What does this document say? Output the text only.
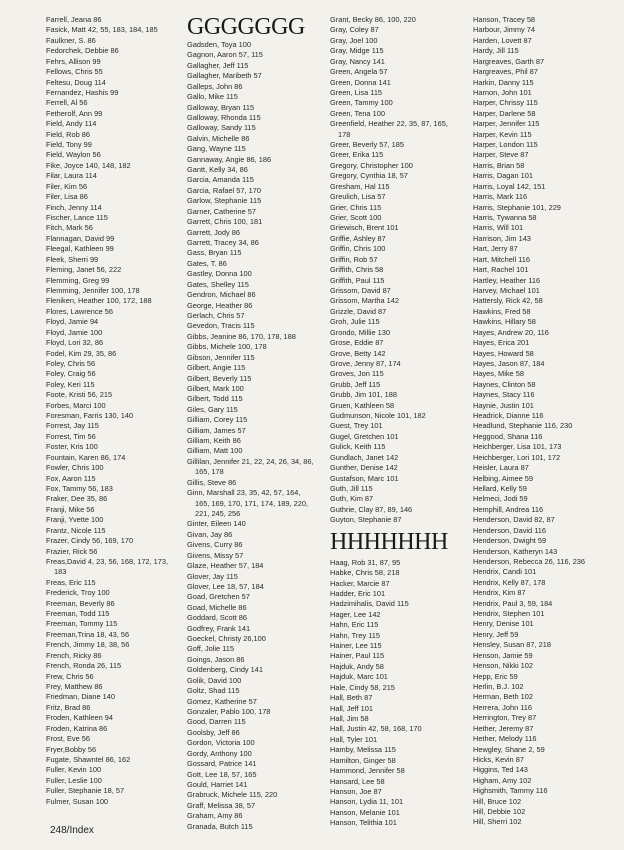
Farrell, Jeana 86
Fasick, Matt 42, 55, 183, 184, 185
Faulkner, S. 86
Fedorchek, Debbie 86
Fehrs, Allison 99
Fellows, Chris 55
Feltesu, Doug 114
Fernandez, Hashis 99
Ferrell, Al 56
Fetherolf, Ann 99
Field, Andy 114
Field, Rob 86
Field, Tony 99
Field, Waylon 56
Fike, Joyce 140, 148, 182
Filar, Laura 114
Filer, Kim 56
Filer, Lisa 86
Finch, Jenny 114
Fischer, Lance 115
Fitch, Mark 56
Flannagan, David 99
Fleegal, Kathleen 99
Fleek, Sherri 99
Fleming, Janet 56, 222
Flemming, Greg 99
Flemming, Jennifer 100, 178
Fleniken, Heather 100, 172, 188
Flores, Lawrence 56
Floyd, Jamie 94
Floyd, Jamie 100
Floyd, Lori 32, 86
Fodel, Kim 29, 35, 86
Foley, Chris 56
Foley, Craig 56
Foley, Keri 115
Foote, Kristi 56, 215
Forbes, Marci 100
Foresman, Farris 130, 140
Forrest, Jay 115
Forrest, Tim 56
Foster, Kris 100
Fountain, Karen 86, 174
Fowler, Chris 100
Fox, Aaron 115
Fox, Tammy 56, 183
Fraker, Dee 35, 86
Franji, Mike 56
Franji, Yvette 100
Frantz, Nicole 115
Frazer, Cindy 56, 169, 170
Frazier, Rick 56
Freas,David 4, 23, 56, 168, 172, 173,
183
Freas, Eric 115
Frederick, Troy 100
Freeman, Beverly 86
Freeman, Todd 115
Freeman, Tommy 115
Freeman,Trina 18, 43, 56
French, Jimmy 18, 38, 56
French, Ricky 86
French, Ronda 26, 115
Frew, Chris 56
Frey, Matthew 86
Friedman, Diane 140
Fritz, Brad 86
Froden, Kathleen 94
Froden, Katrina 86
Frost, Eve 56
Fryer,Bobby 56
Fugate, Shawntel 86, 162
Fuller, Kevin 100
Fuller, Leslie 100
Fuller, Stephanie 18, 57
Fulmer, Susan 100
GGGGGGG
Gadsden, Toya 100
Gagnon, Aaron 57, 115
Gallagher, Jeff 115
Gallagher, Maribeth 57
Galleps, John 86
Gallo, Mike 115
Galloway, Bryan 115
Galloway, Rhonda 115
Galloway, Sandy 115
Galvin, Michelle 86
Gang, Wayne 115
Gannaway, Angie 86, 186
Gantt, Kelly 34, 86
Garcia, Amanda 115
Garcia, Rafael 57, 170
Garlow, Stephanie 115
Garner, Catherine 57
Garrett, Chris 100, 181
Garrett, Jody 86
Garrett, Tracey 34, 86
Gass, Bryan 115
Gates, T. 86
Gastley, Donna 100
Gates, Shelley 115
Gendron, Michael 86
George, Heather 86
Gerlach, Chris 57
Gevedon, Tracis 115
Gibbs, Jeanine 86, 170, 178, 188
Gibbs, Michele 100, 178
Gibson, Jennifer 115
Gilbert, Angie 115
Gilbert, Beverly 115
Gilbert, Mark 100
Gilbert, Todd 115
Giles, Gary 115
Gilliam, Corey 115
Gilliam, James 57
Gilliam, Keith 86
Gilliam, Matt 100
Gillilan, Jennifer 21, 22, 24, 26, 34, 86,
165, 178
Gillis, Steve 86
Ginn, Marshall 23, 35, 42, 57, 164,
165, 169, 170, 171, 174, 189, 220,
221, 245, 256
Ginter, Eileen 140
Givan, Jay 86
Givens, Curry 86
Givens, Missy 57
Glaze, Heather 57, 184
Glover, Jay 115
Glover, Lee 18, 57, 184
Goad, Gretchen 57
Goad, Michelle 86
Goddard, Scott 86
Godfrey, Frank 141
Goeckel, Christy 26,100
Goff, Jolie 115
Goings, Jason 86
Goldenberg, Cindy 141
Golik, David 100
Goltz, Shad 115
Gomez, Katherine 57
Gonzaler, Pablo 100, 178
Good, Darren 115
Goolsby, Jeff 86
Gordon, Victoria 100
Gordy, Anthony 100
Gossard, Patrice 141
Gott, Lee 18, 57, 165
Gould, Harriet 141
Grabruck, Michele 115, 220
Graff, Melissa 38, 57
Graham, Amy 86
Granada, Butch 115
Grant, Becky 86, 100, 220
Gray, Coley 87
Gray, Joel 100
Gray, Midge 115
Gray, Nancy 141
Green, Angela 57
Green, Donna 141
Green, Lisa 115
Green, Tammy 100
Green, Tena 100
Greenfield, Heather 22, 35, 87, 165,
178
Greer, Beverly 57, 185
Greer, Erika 115
Gregory, Christopher 100
Gregory, Cynthia 18, 57
Gresham, Hal 115
Greulich, Lisa 57
Grier, Chris 115
Grier, Scott 100
Griewisch, Brent 101
Griffie, Ashley 87
Griffin, Chris 100
Griffin, Rob 57
Griffith, Chris 58
Griffith, Paul 115
Grissom, David 87
Grissom, Martha 142
Grizzle, David 87
Groh, Julie 115
Grondo, Millie 130
Grose, Eddie 87
Grove, Betty 142
Grove, Jenny 87, 174
Groves, Jon 115
Grubb, Jeff 115
Grubb, Jim 101, 188
Gruen, Kathleen 58
Gudmunson, Nicole 101, 182
Guest, Trey 101
Gugel, Gretchen 101
Gulick, Keith 115
Gundlach, Janet 142
Gunther, Denise 142
Gustafson, Marc 101
Guth, Jill 115
Guth, Kim 87
Guthrie, Clay 87, 89, 146
Guyton, Stephanie 87
HHHHHHH
Haag, Rob 31, 87, 95
Habke, Chris 58, 218
Hacker, Marcie 87
Hadder, Eric 101
Hadzimihalis, David 115
Hager, Lee 142
Hahn, Eric 115
Hahn, Trey 115
Hainer, Lee 115
Hainer, Paul 115
Hajduk, Andy 58
Hajduk, Marc 101
Hale, Cindy 58, 215
Hall, Beth 87
Hall, Jeff 101
Hall, Jim 58
Hall, Justin 42, 58, 168, 170
Hall, Tyler 101
Hamby, Melissa 115
Hamilton, Ginger 58
Hammond, Jennifer 58
Hansard, Lee 58
Hanson, Joe 87
Hanson, Lydia 11, 101
Hanson, Melanie 101
Hanson, Telithia 101
Hanson, Tracey 58
Harbour, Jimmy 74
Harden, Lovett 87
Hardy, Jill 115
Hargreaves, Garth 87
Hargreaves, Phil 87
Harkin, Danny 115
Harnon, John 101
Harper, Chrissy 115
Harper, Darlene 58
Harper, Jennifer 115
Harper, Kevin 115
Harper, London 115
Harper, Steve 87
Harris, Brian 58
Harris, Dagan 101
Harris, Loyal 142, 151
Harris, Mark 116
Harris, Stephanie 101, 229
Harris, Tywanna 58
Harris, Will 101
Harrison, Jim 143
Hart, Jerry 87
Hart, Mitchell 116
Hart, Rachel 101
Hartley, Heather 116
Harvey, Michael 101
Hattersly, Rick 42, 58
Hawkins, Fred 58
Hawkins, Hillary 58
Hayes, Andrew 20, 116
Hayes, Erica 201
Hayes, Howard 58
Hayes, Jason 87, 184
Hayes, Mike 58
Haynes, Clinton 58
Haynes, Stacy 116
Haynie, Justin 101
Headrick, Dianne 116
Headlund, Stephanie 116, 230
Heggood, Shana 116
Heichberger, Lisa 101, 173
Heichberger, Lori 101, 172
Heisler, Laura 87
Helbing, Aimee 59
Hellard, Kelly 59
Helmeci, Jodi 59
Hemphill, Andrea 116
Henderson, David 82, 87
Henderson, David 116
Henderson, Dwight 59
Henderson, Katheryn 143
Henderson, Rebecca 26, 116, 236
Hendrix, Candi 101
Hendrix, Kelly 87, 178
Hendrix, Kim 87
Hendrix, Paul 3, 59, 184
Hendrix, Stephen 101
Henry, Denise 101
Henry, Jeff 59
Hensley, Susan 87, 218
Henson, Jamie 59
Henson, Nikki 102
Hepp, Eric 59
Herlin, B.J. 102
Herman, Beth 102
Herrera, John 116
Herrington, Trey 87
Hether, Jeremy 87
Hether, Melody 116
Hewgley, Shane 2, 59
Hicks, Kevin 87
Higgins, Ted 143
Higham, Amy 102
Highsmith, Tammy 116
Hill, Bruce 102
Hill, Debbie 102
Hill, Sherri 102
248/Index
